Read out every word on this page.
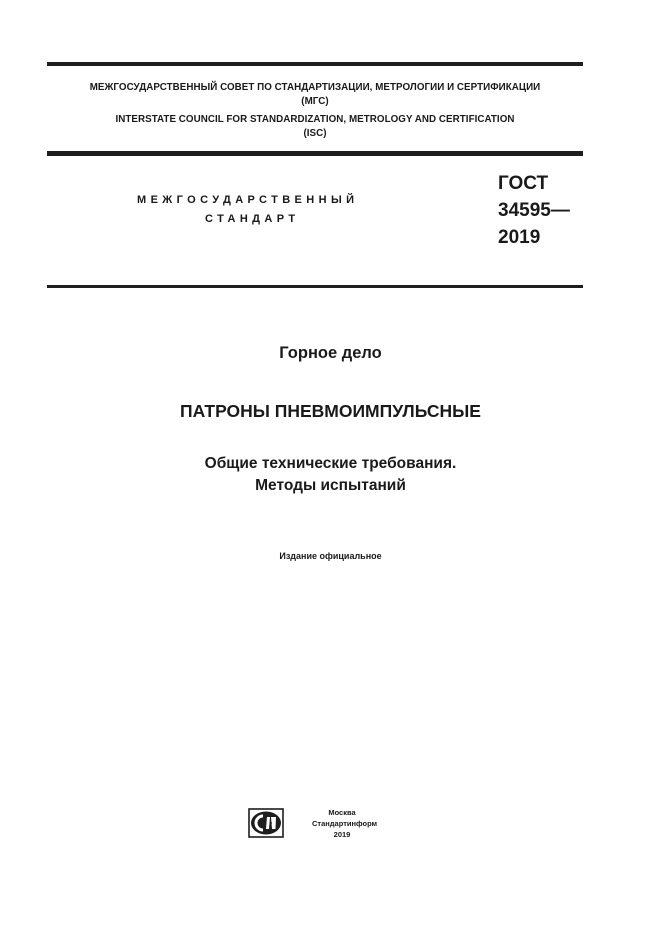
МЕЖГОСУДАРСТВЕННЫЙ СОВЕТ ПО СТАНДАРТИЗАЦИИ, МЕТРОЛОГИИ И СЕРТИФИКАЦИИ
(МГС)
INTERSTATE COUNCIL FOR STANDARDIZATION, METROLOGY AND CERTIFICATION
(ISC)
МЕЖГОСУДАРСТВЕННЫЙ
СТАНДАРТ
ГОСТ
34595—
2019
Горное дело
ПАТРОНЫ ПНЕВМОИМПУЛЬСНЫЕ
Общие технические требования.
Методы испытаний
Издание официальное
Москва
Стандартинформ
2019
